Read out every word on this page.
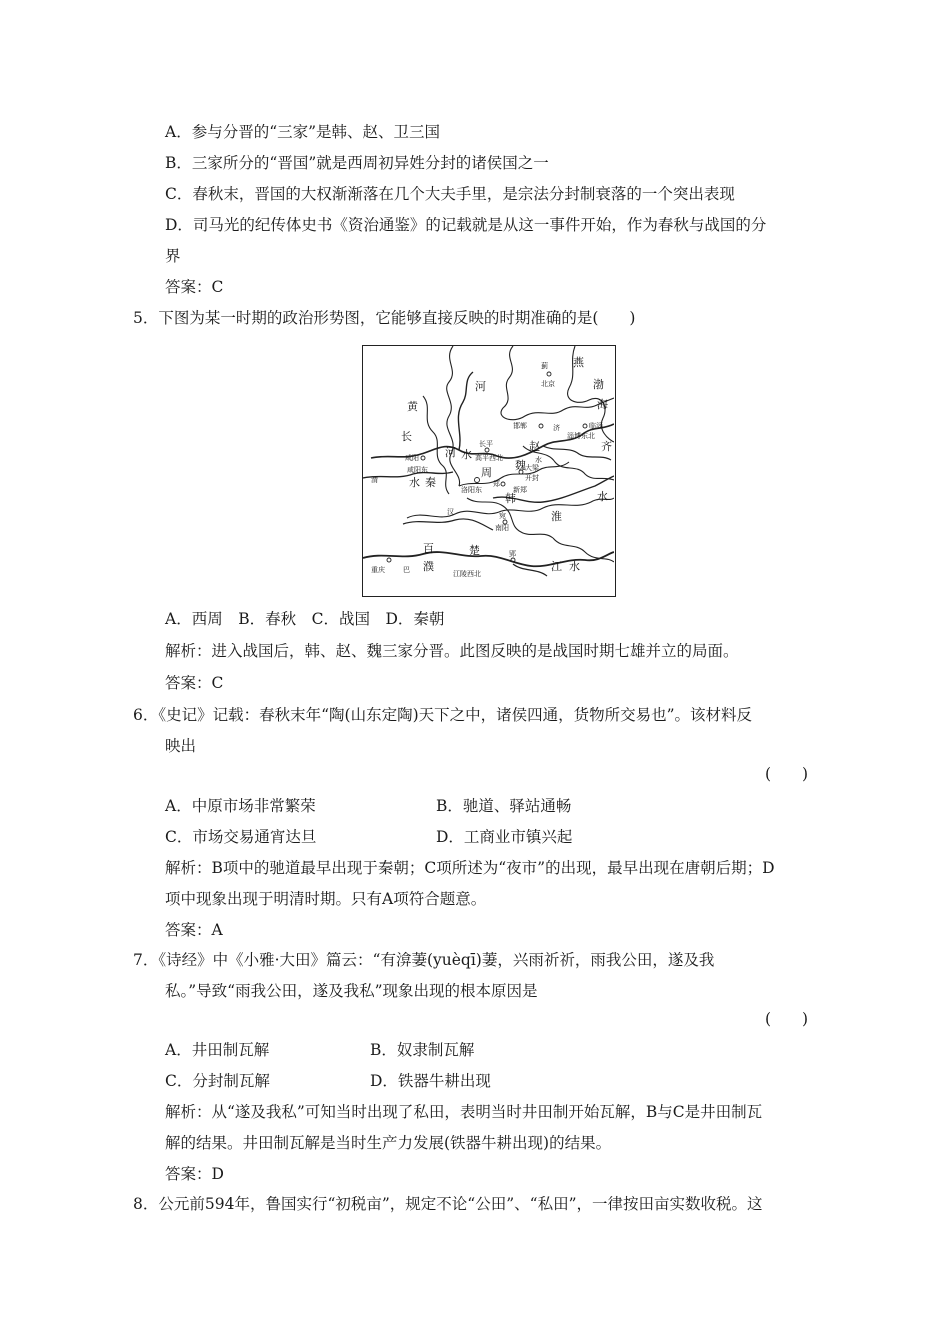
A．参与分晋的“三家”是韩、赵、卫三国
B．三家所分的“晋国”就是西周初异姓分封的诸侯国之一
C．春秋末，晋国的大权渐渐落在几个大夫手里，是宗法分封制衰落的一个突出表现
D．司马光的纪传体史书《资治通鉴》的记载就是从这一事件开始，作为春秋与战国的分
界
答案：C
5．下图为某一时期的政治形势图，它能够直接反映的时期准确的是(　　)
燕
赵
魏
齐
秦
周
韩
楚
河
黄
河 水
渭	水
汉	淮
水
濮	江 水
长
渤
海
百
蓟
北京
邯郸	临淄
淄博东北
长平
高平西北
大梁
开封
咸阳
咸阳东
洛阳东
郑
新郑
宛
南阳
郢
江陵西北
巴
重庆
济
水
A．西周　B．春秋　C．战国　D．秦朝
解析：进入战国后，韩、赵、魏三家分晋。此图反映的是战国时期七雄并立的局面。
答案：C
6．《史记》记载：春秋末年“陶(山东定陶)天下之中，诸侯四通，货物所交易也”。该材料反
映出
(　　)
A．中原市场非常繁荣	B．驰道、驿站通畅
C．市场交易通宵达旦	D．工商业市镇兴起
解析：B项中的驰道最早出现于秦朝；C项所述为“夜市”的出现，最早出现在唐朝后期；D
项中现象出现于明清时期。只有A项符合题意。
答案：A
7．《诗经》中《小雅·大田》篇云：“有渰萋(yuèqī)萋，兴雨祈祈，雨我公田，遂及我
私。”导致“雨我公田，遂及我私”现象出现的根本原因是
(　　)
A．井田制瓦解	B．奴隶制瓦解
C．分封制瓦解	D．铁器牛耕出现
解析：从“遂及我私”可知当时出现了私田，表明当时井田制开始瓦解，B与C是井田制瓦
解的结果。井田制瓦解是当时生产力发展(铁器牛耕出现)的结果。
答案：D
8．公元前594年，鲁国实行“初税亩”，规定不论“公田”、“私田”，一律按田亩实数收税。这
